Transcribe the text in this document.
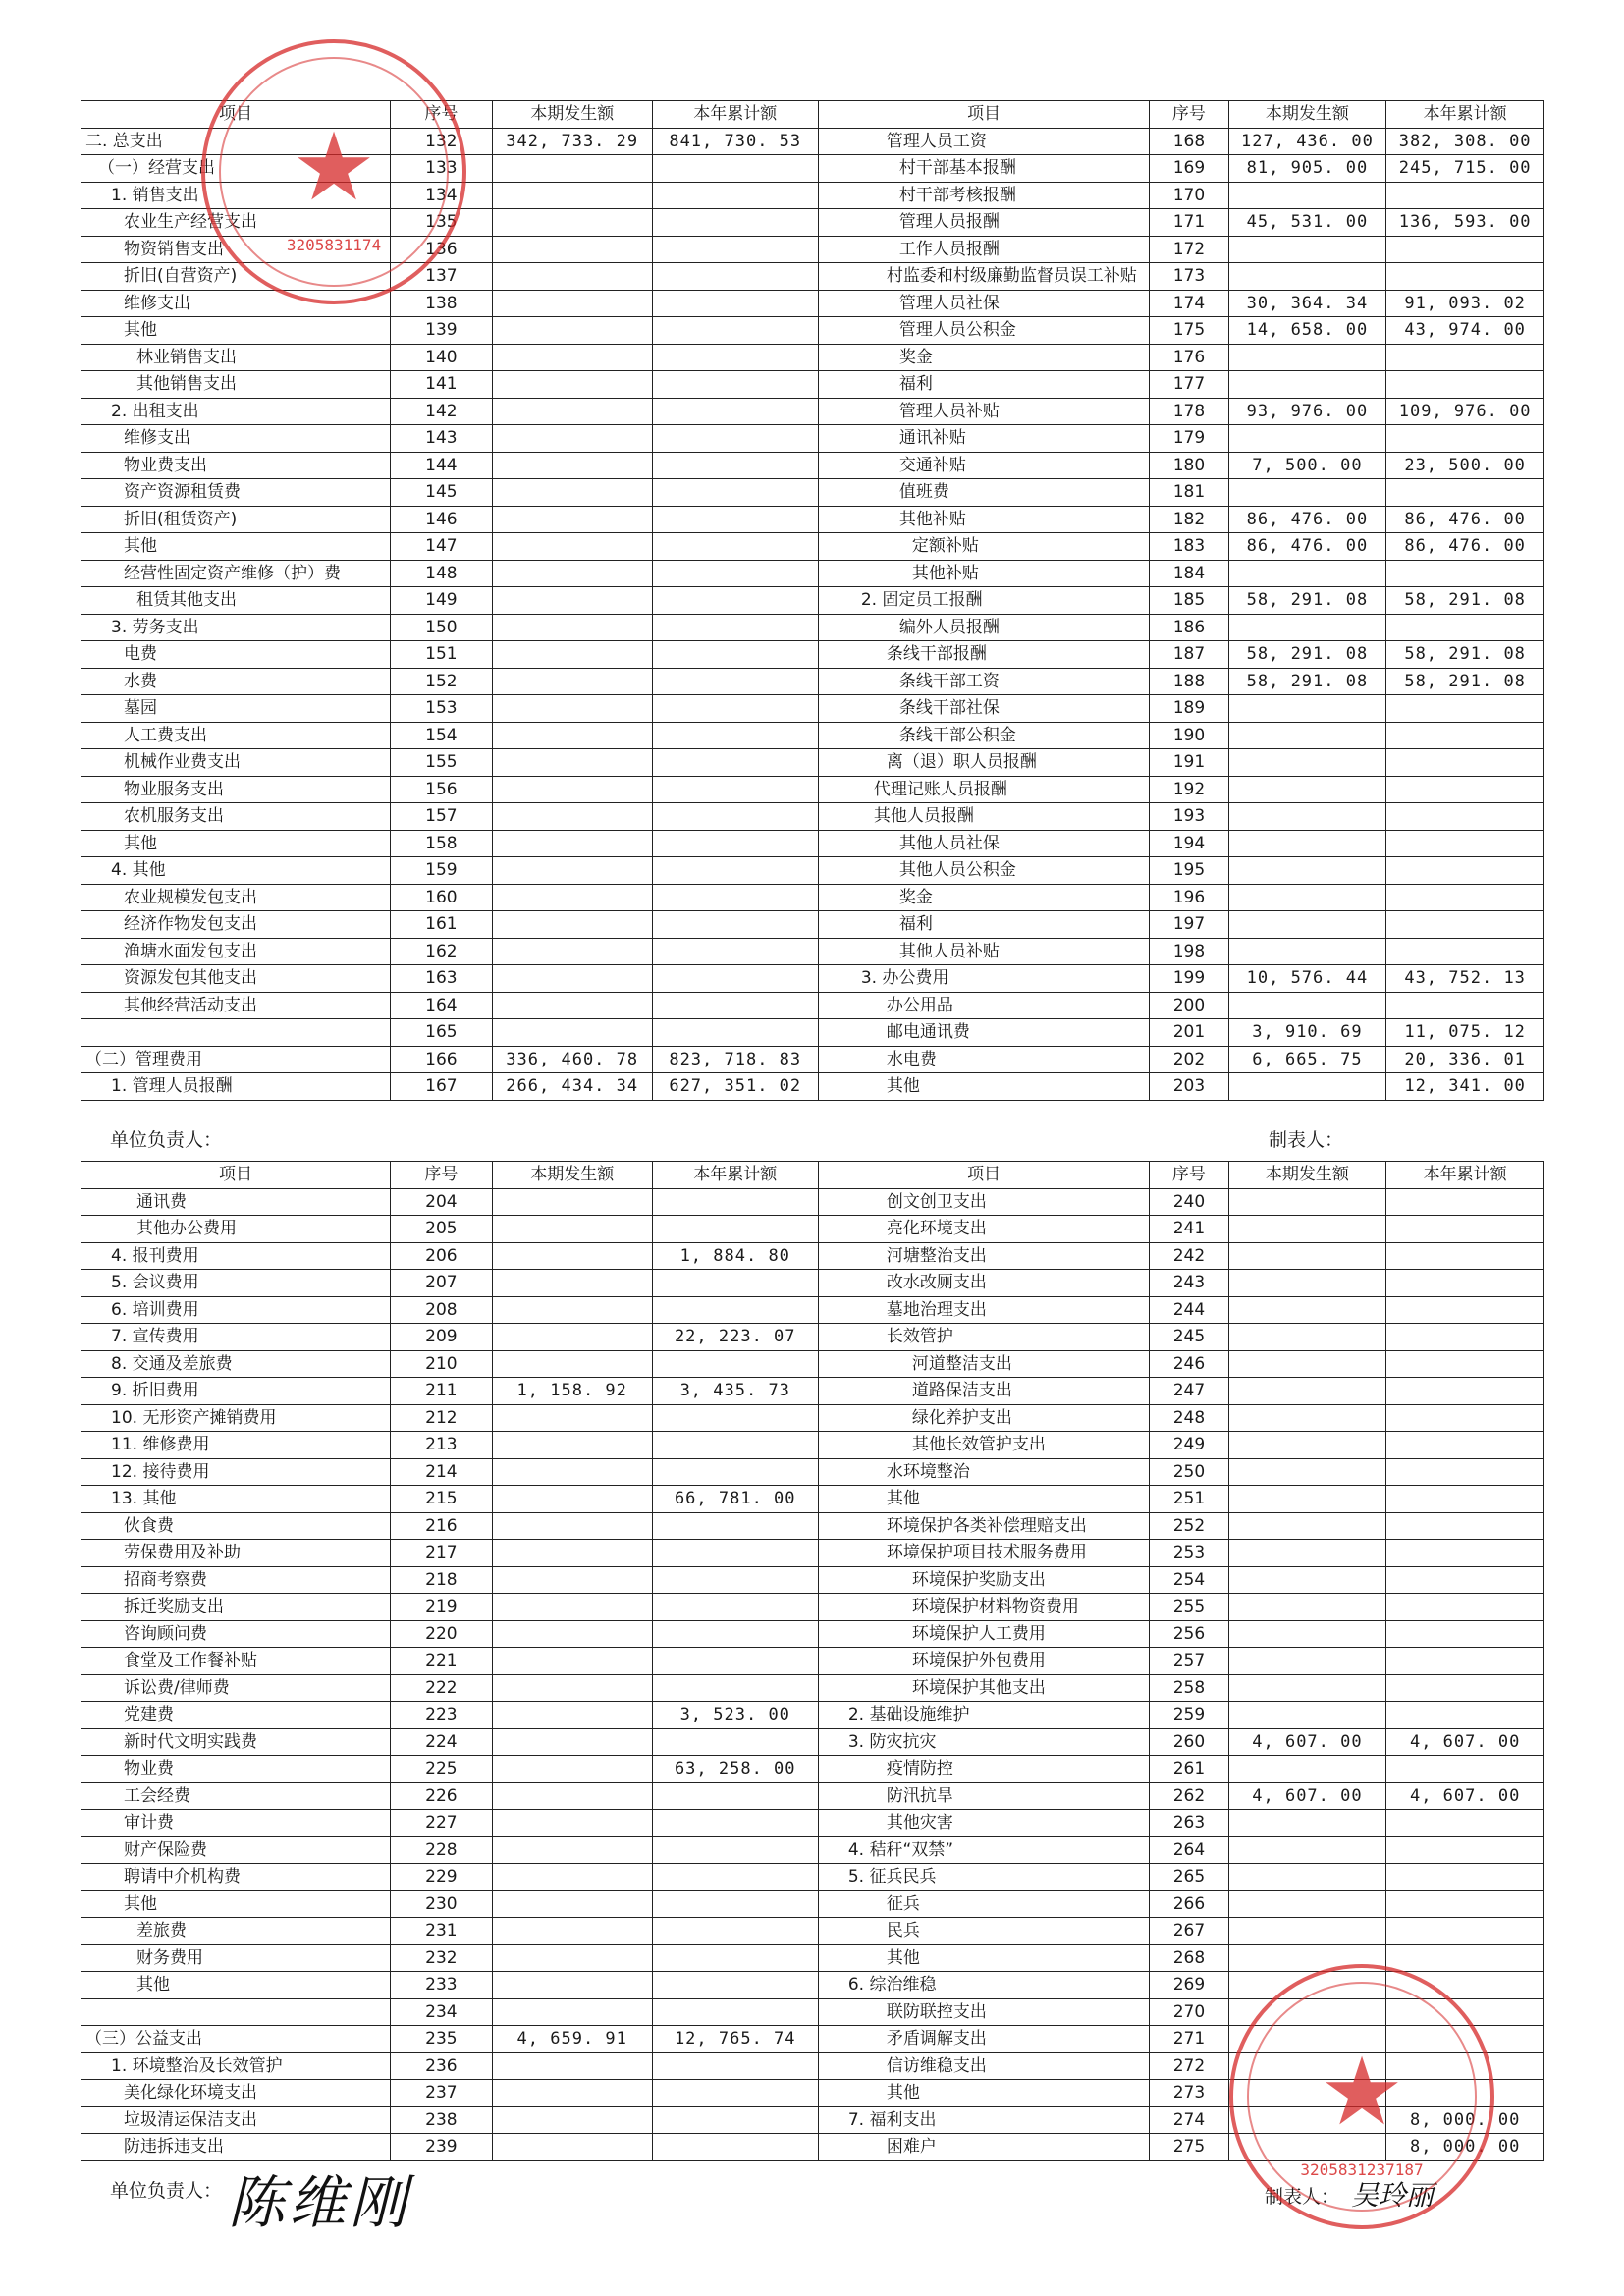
项目	序号	本期发生额	本年累计额	项目	序号	本期发生额	本年累计额
二. 总支出	132	342, 733. 29	841, 730. 53	管理人员工资	168	127, 436. 00	382, 308. 00
（一）经营支出	133			村干部基本报酬	169	81, 905. 00	245, 715. 00
1. 销售支出	134			村干部考核报酬	170		
农业生产经营支出	135			管理人员报酬	171	45, 531. 00	136, 593. 00
物资销售支出	136			工作人员报酬	172		
折旧(自营资产)	137			村监委和村级廉勤监督员误工补贴	173		
维修支出	138			管理人员社保	174	30, 364. 34	91, 093. 02
其他	139			管理人员公积金	175	14, 658. 00	43, 974. 00
林业销售支出	140			奖金	176		
其他销售支出	141			福利	177		
2. 出租支出	142			管理人员补贴	178	93, 976. 00	109, 976. 00
维修支出	143			通讯补贴	179		
物业费支出	144			交通补贴	180	7, 500. 00	23, 500. 00
资产资源租赁费	145			值班费	181		
折旧(租赁资产)	146			其他补贴	182	86, 476. 00	86, 476. 00
其他	147			定额补贴	183	86, 476. 00	86, 476. 00
经营性固定资产维修（护）费	148			其他补贴	184		
租赁其他支出	149			2. 固定员工报酬	185	58, 291. 08	58, 291. 08
3. 劳务支出	150			编外人员报酬	186		
电费	151			条线干部报酬	187	58, 291. 08	58, 291. 08
水费	152			条线干部工资	188	58, 291. 08	58, 291. 08
墓园	153			条线干部社保	189		
人工费支出	154			条线干部公积金	190		
机械作业费支出	155			离（退）职人员报酬	191		
物业服务支出	156			代理记账人员报酬	192		
农机服务支出	157			其他人员报酬	193		
其他	158			其他人员社保	194		
4. 其他	159			其他人员公积金	195		
农业规模发包支出	160			奖金	196		
经济作物发包支出	161			福利	197		
渔塘水面发包支出	162			其他人员补贴	198		
资源发包其他支出	163			3. 办公费用	199	10, 576. 44	43, 752. 13
其他经营活动支出	164			办公用品	200		
	165			邮电通讯费	201	3, 910. 69	11, 075. 12
（二）管理费用	166	336, 460. 78	823, 718. 83	水电费	202	6, 665. 75	20, 336. 01
1. 管理人员报酬	167	266, 434. 34	627, 351. 02	其他	203		12, 341. 00
单位负责人：	制表人：
项目	序号	本期发生额	本年累计额	项目	序号	本期发生额	本年累计额
通讯费	204			创文创卫支出	240		
其他办公费用	205			亮化环境支出	241		
4. 报刊费用	206		1, 884. 80	河塘整治支出	242		
5. 会议费用	207			改水改厕支出	243		
6. 培训费用	208			墓地治理支出	244		
7. 宣传费用	209		22, 223. 07	长效管护	245		
8. 交通及差旅费	210			河道整洁支出	246		
9. 折旧费用	211	1, 158. 92	3, 435. 73	道路保洁支出	247		
10. 无形资产摊销费用	212			绿化养护支出	248		
11. 维修费用	213			其他长效管护支出	249		
12. 接待费用	214			水环境整治	250		
13. 其他	215		66, 781. 00	其他	251		
伙食费	216			环境保护各类补偿理赔支出	252		
劳保费用及补助	217			环境保护项目技术服务费用	253		
招商考察费	218			环境保护奖励支出	254		
拆迁奖励支出	219			环境保护材料物资费用	255		
咨询顾问费	220			环境保护人工费用	256		
食堂及工作餐补贴	221			环境保护外包费用	257		
诉讼费/律师费	222			环境保护其他支出	258		
党建费	223		3, 523. 00	2. 基础设施维护	259		
新时代文明实践费	224			3. 防灾抗灾	260	4, 607. 00	4, 607. 00
物业费	225		63, 258. 00	疫情防控	261		
工会经费	226			防汛抗旱	262	4, 607. 00	4, 607. 00
审计费	227			其他灾害	263		
财产保险费	228			4. 秸秆“双禁”	264		
聘请中介机构费	229			5. 征兵民兵	265		
其他	230			征兵	266		
差旅费	231			民兵	267		
财务费用	232			其他	268		
其他	233			6. 综治维稳	269		
	234			联防联控支出	270		
（三）公益支出	235	4, 659. 91	12, 765. 74	矛盾调解支出	271		
1. 环境整治及长效管护	236			信访维稳支出	272		
美化绿化环境支出	237			其他	273		
垃圾清运保洁支出	238			7. 福利支出	274		8, 000. 00
防违拆违支出	239			困难户	275		8, 000. 00
单位负责人： 陈维刚	制表人： 吴玲丽
★
3205831174
★
3205831237187
